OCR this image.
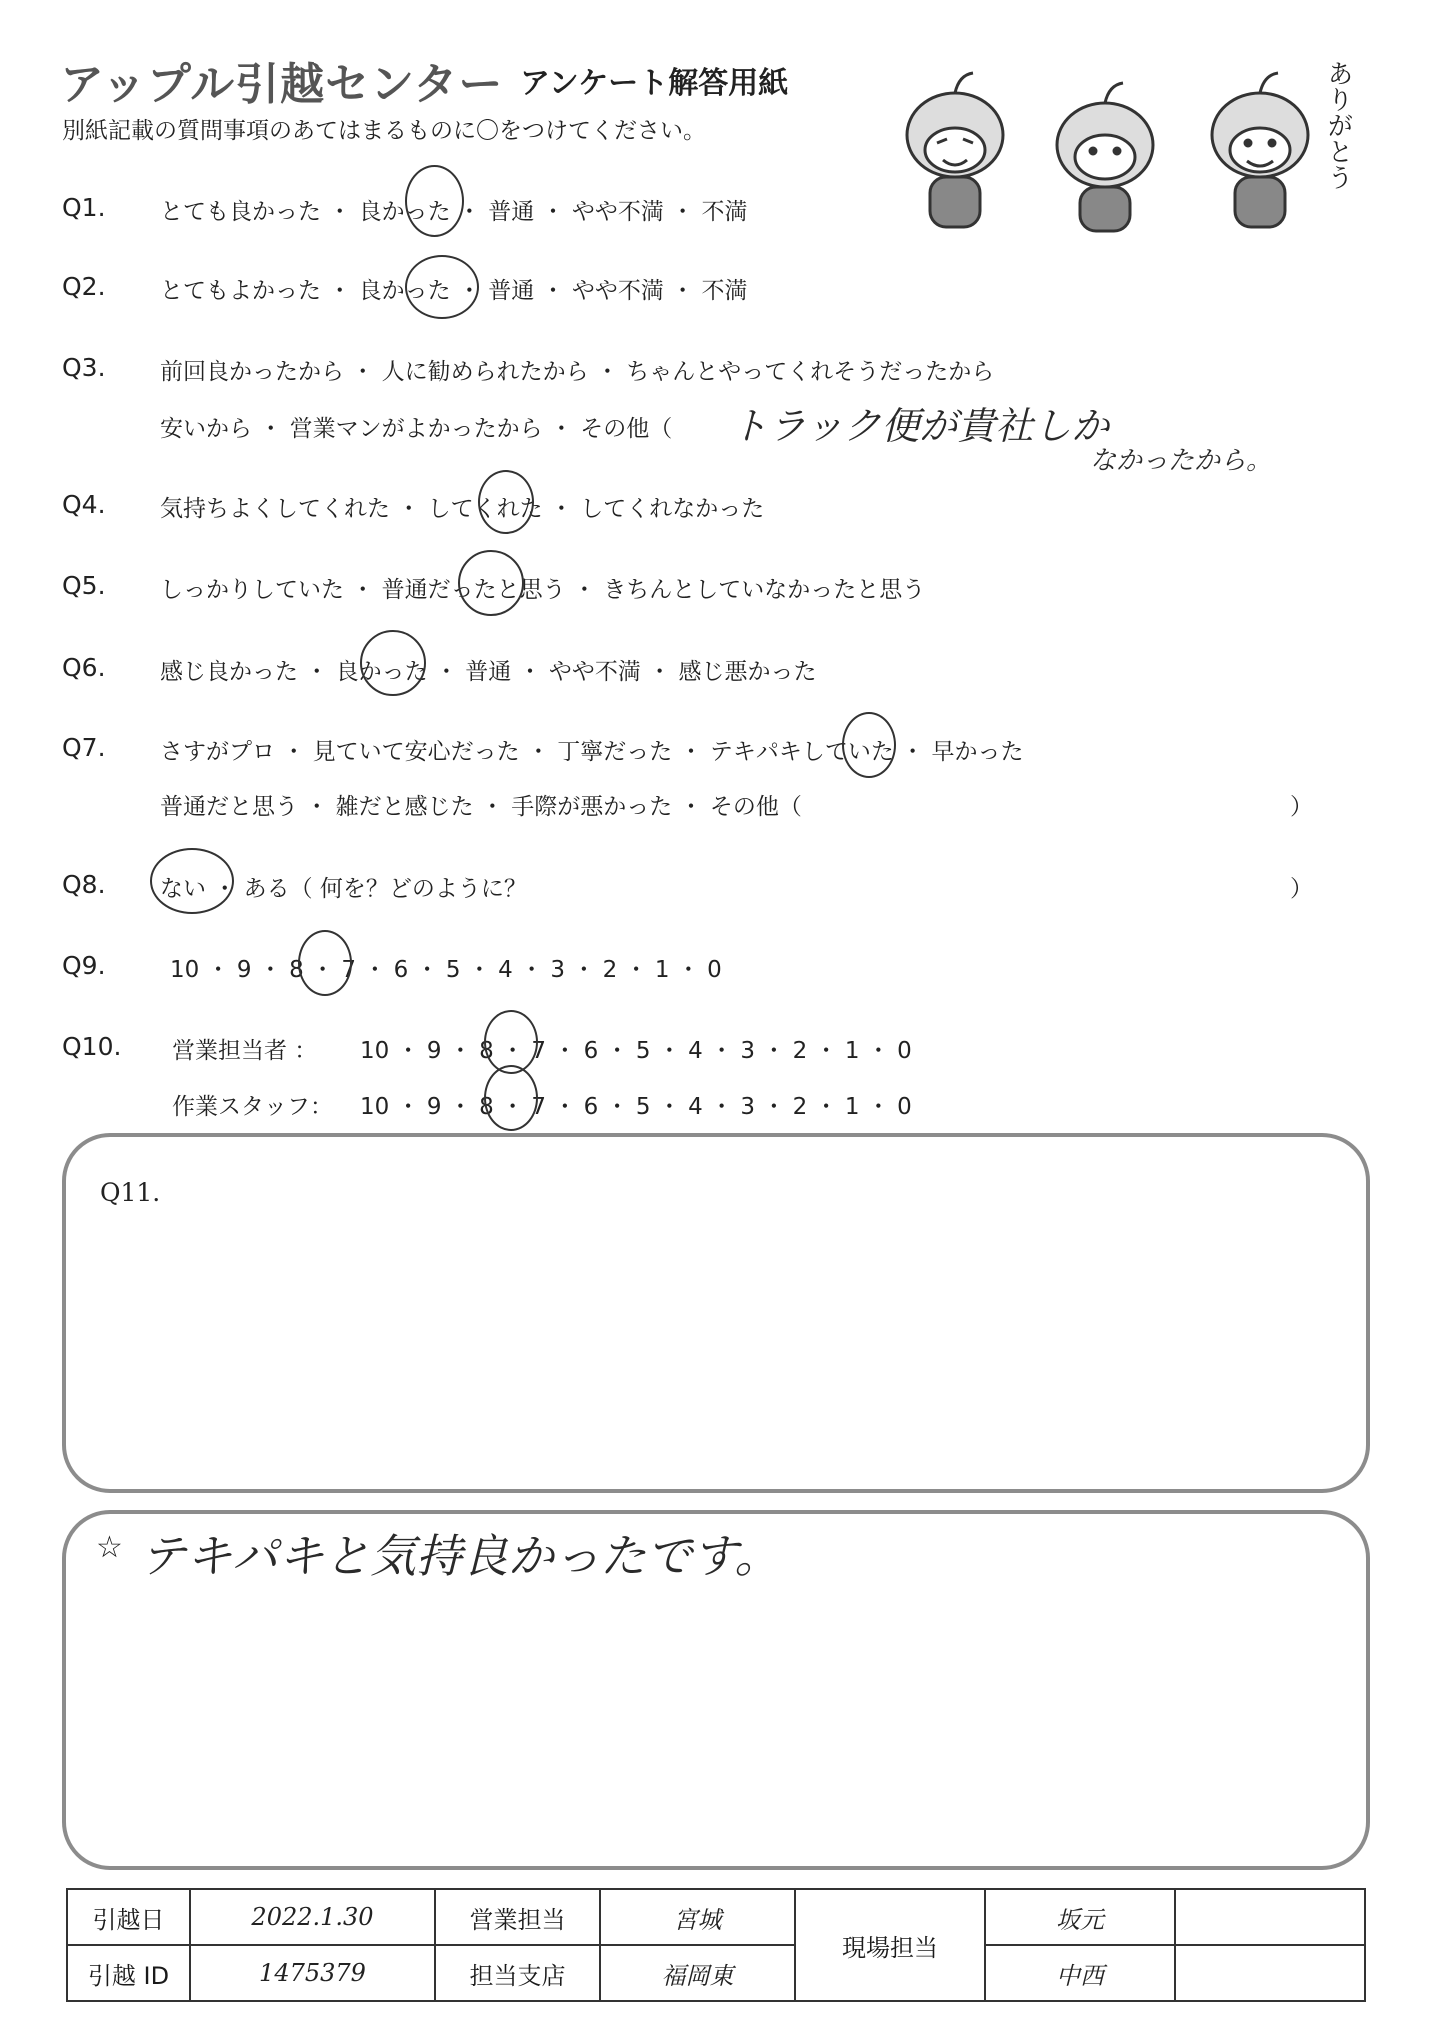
アップル引越センター アンケート解答用紙
別紙記載の質問事項のあてはまるものに〇をつけてください。	ありがとう
Q1. とても良かった ・ 良かった ・ 普通 ・ やや不満 ・ 不満
Q2. とてもよかった ・ 良かった ・ 普通 ・ やや不満 ・ 不満
Q3. 前回良かったから ・ 人に勧められたから ・ ちゃんとやってくれそうだったから
安いから ・ 営業マンがよかったから ・ その他（ トラック便が貴社しか
なかったから。
Q4. 気持ちよくしてくれた ・ してくれた ・ してくれなかった
Q5. しっかりしていた ・ 普通だったと思う ・ きちんとしていなかったと思う
Q6. 感じ良かった ・ 良かった ・ 普通 ・ やや不満 ・ 感じ悪かった
Q7. さすがプロ ・ 見ていて安心だった ・ 丁寧だった ・ テキパキしていた ・ 早かった
普通だと思う ・ 雑だと感じた ・ 手際が悪かった ・ その他（	）
Q8. ない ・ ある（ 何を？どのように？	）
Q9.	10 ・ 9 ・ 8 ・ 7 ・ 6 ・ 5 ・ 4 ・ 3 ・ 2 ・ 1 ・ 0
Q10. 営業担当者 ： 10 ・ 9 ・ 8 ・ 7 ・ 6 ・ 5 ・ 4 ・ 3 ・ 2 ・ 1 ・ 0
作業スタッフ： 10 ・ 9 ・ 8 ・ 7 ・ 6 ・ 5 ・ 4 ・ 3 ・ 2 ・ 1 ・ 0
Q11.
☆ テキパキと気持良かったです。
引越日	2022.1.30	営業担当	宮城	現場担当	坂元	
引越 ID	1475379	担当支店	福岡東		中西	
